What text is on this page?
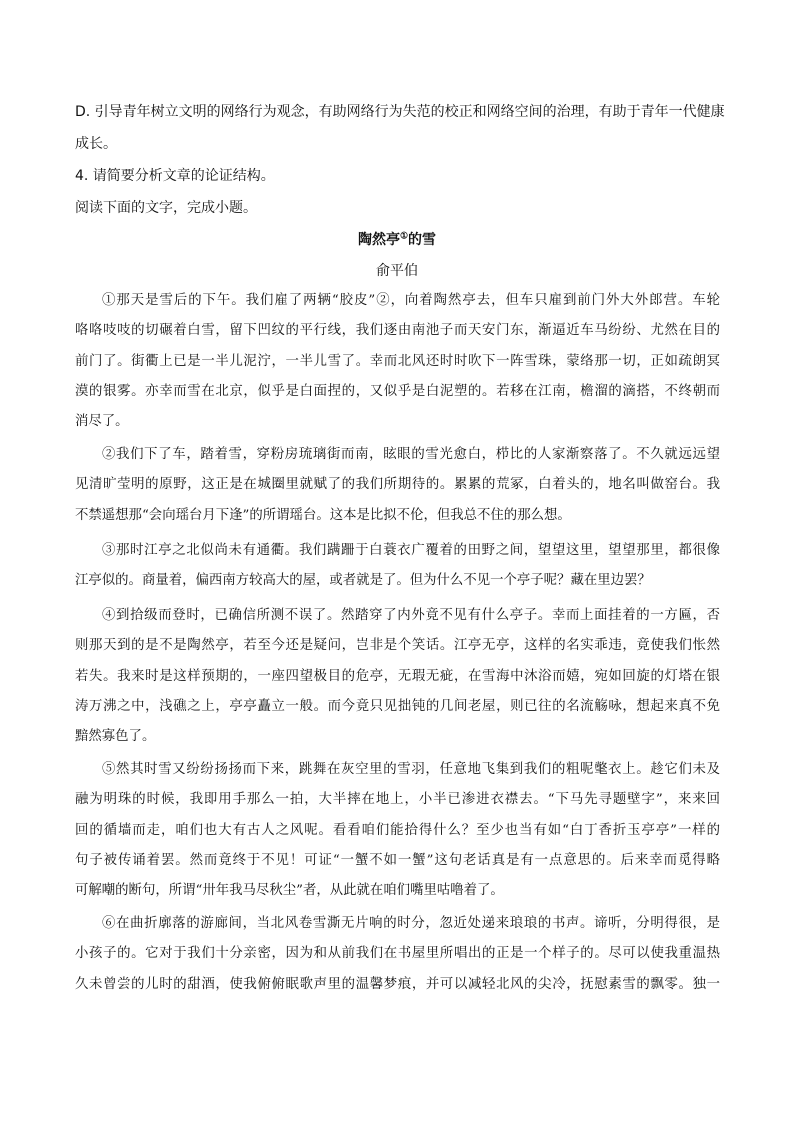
D. 引导青年树立文明的网络行为观念，有助网络行为失范的校正和网络空间的治理，有助于青年一代健康
成长。
4. 请简要分析文章的论证结构。
阅读下面的文字，完成小题。
陶然亭①的雪
俞平伯
①那天是雪后的下午。我们雇了两辆“胶皮”②，向着陶然亭去，但车只雇到前门外大外郎营。车轮
咯咯吱吱的切碾着白雪，留下凹纹的平行线，我们逐由南池子而天安门东，渐逼近车马纷纷、尤然在目的
前门了。街衢上已是一半儿泥泞，一半儿雪了。幸而北风还时时吹下一阵雪珠，蒙络那一切，正如疏朗冥
漠的银雾。亦幸而雪在北京，似乎是白面捏的，又似乎是白泥塑的。若移在江南，檐溜的滴搭，不终朝而
消尽了。
②我们下了车，踏着雪，穿粉房琉璃街而南，眩眼的雪光愈白，栉比的人家渐察落了。不久就远远望
见清旷莹明的原野，这正是在城圈里就赋了的我们所期待的。累累的荒冢，白着头的，地名叫做窑台。我
不禁遥想那“会向瑶台月下逢”的所谓瑶台。这本是比拟不伦，但我总不住的那么想。
③那时江亭之北似尚未有通衢。我们蹒跚于白蓑衣广覆着的田野之间，望望这里，望望那里，都很像
江亭似的。商量着，偏西南方较高大的屋，或者就是了。但为什么不见一个亭子呢？藏在里边罢？
④到拾级而登时，已确信所测不误了。然踏穿了内外竟不见有什么亭子。幸而上面挂着的一方匾，否
则那天到的是不是陶然亭，若至今还是疑问，岂非是个笑话。江亭无亭，这样的名实乖违，竟使我们怅然
若失。我来时是这样预期的，一座四望极目的危亭，无瑕无疵，在雪海中沐浴而嬉，宛如回旋的灯塔在银
涛万沸之中，浅礁之上，亭亭矗立一般。而今竟只见拙钝的几间老屋，则已往的名流觞咏，想起来真不免
黯然寡色了。
⑤然其时雪又纷纷扬扬而下来，跳舞在灰空里的雪羽，任意地飞集到我们的粗呢氅衣上。趁它们未及
融为明珠的时候，我即用手那么一拍，大半摔在地上，小半已渗进衣襟去。“下马先寻题壁字”，来来回
回的循墙而走，咱们也大有古人之风呢。看看咱们能拾得什么？至少也当有如“白丁香折玉亭亭”一样的
句子被传诵着罢。然而竟终于不见！可证“一蟹不如一蟹”这句老话真是有一点意思的。后来幸而觅得略
可解嘲的断句，所谓“卅年我马尽秋尘”者，从此就在咱们嘴里咕噜着了。
⑥在曲折廓落的游廊间，当北风卷雪澌无片响的时分，忽近处递来琅琅的书声。谛听，分明得很，是
小孩子的。它对于我们十分亲密，因为和从前我们在书屋里所唱出的正是一个样子的。尽可以使我重温热
久未曾尝的儿时的甜酒，使我俯俯眠歌声里的温馨梦痕，并可以减轻北风的尖冷，抚慰素雪的飘零。独一
